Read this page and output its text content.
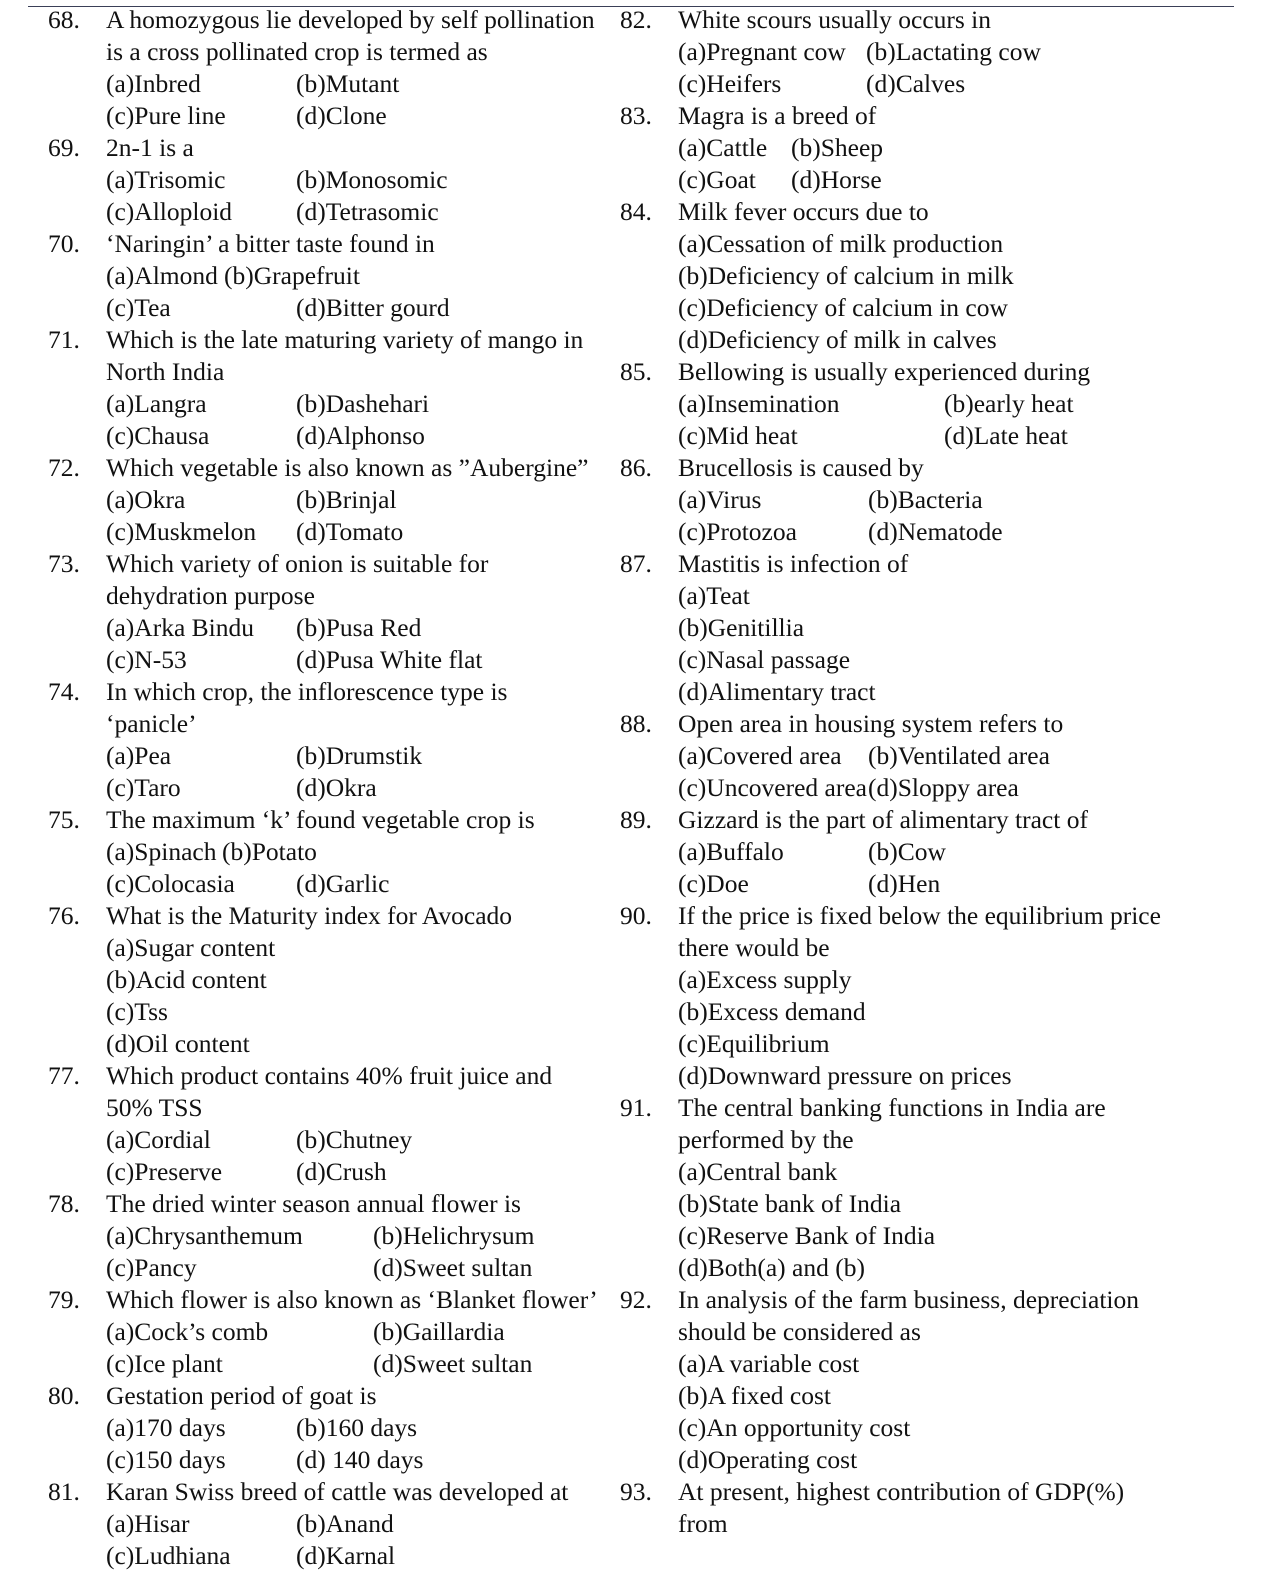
68. A homozygous lie developed by self pollination
is a cross pollinated crop is termed as
(a)Inbred	(b)Mutant
(c)Pure line	(d)Clone
69. 2n-1 is a
(a)Trisomic	(b)Monosomic
(c)Alloploid	(d)Tetrasomic
70. ‘Naringin’ a bitter taste found in
(a)Almond (b)Grapefruit
(c)Tea	(d)Bitter gourd
71. Which is the late maturing variety of mango in
North India
(a)Langra	(b)Dashehari
(c)Chausa	(d)Alphonso
72. Which vegetable is also known as ”Aubergine”
(a)Okra	(b)Brinjal
(c)Muskmelon (d)Tomato
73. Which variety of onion is suitable for
dehydration purpose
(a)Arka Bindu (b)Pusa Red
(c)N-53	(d)Pusa White flat
74. In which crop, the inflorescence type is
‘panicle’
(a)Pea	(b)Drumstik
(c)Taro	(d)Okra
75. The maximum ‘k’ found vegetable crop is
(a)Spinach (b)Potato
(c)Colocasia (d)Garlic
76. What is the Maturity index for Avocado
(a)Sugar content
(b)Acid content
(c)Tss
(d)Oil content
77. Which product contains 40% fruit juice and
50% TSS
(a)Cordial	(b)Chutney
(c)Preserve	(d)Crush
78. The dried winter season annual flower is
(a)Chrysanthemum	(b)Helichrysum
(c)Pancy	(d)Sweet sultan
79. Which flower is also known as ‘Blanket flower’
(a)Cock’s comb	(b)Gaillardia
(c)Ice plant	(d)Sweet sultan
80. Gestation period of goat is
(a)170 days	(b)160 days
(c)150 days	(d) 140 days
81. Karan Swiss breed of cattle was developed at
(a)Hisar	(b)Anand
(c)Ludhiana	(d)Karnal
82. White scours usually occurs in
(a)Pregnant cow (b)Lactating cow
(c)Heifers	(d)Calves
83. Magra is a breed of
(a)Cattle (b)Sheep
(c)Goat (d)Horse
84. Milk fever occurs due to
(a)Cessation of milk production
(b)Deficiency of calcium in milk
(c)Deficiency of calcium in cow
(d)Deficiency of milk in calves
85. Bellowing is usually experienced during
(a)Insemination	(b)early heat
(c)Mid heat	(d)Late heat
86. Brucellosis is caused by
(a)Virus	(b)Bacteria
(c)Protozoa	(d)Nematode
87. Mastitis is infection of
(a)Teat
(b)Genitillia
(c)Nasal passage
(d)Alimentary tract
88. Open area in housing system refers to
(a)Covered area (b)Ventilated area
(c)Uncovered area (d)Sloppy area
89. Gizzard is the part of alimentary tract of
(a)Buffalo	(b)Cow
(c)Doe	(d)Hen
90. If the price is fixed below the equilibrium price
there would be
(a)Excess supply
(b)Excess demand
(c)Equilibrium
(d)Downward pressure on prices
91. The central banking functions in India are
performed by the
(a)Central bank
(b)State bank of India
(c)Reserve Bank of India
(d)Both(a) and (b)
92. In analysis of the farm business, depreciation
should be considered as
(a)A variable cost
(b)A fixed cost
(c)An opportunity cost
(d)Operating cost
93. At present, highest contribution of GDP(%)
from
